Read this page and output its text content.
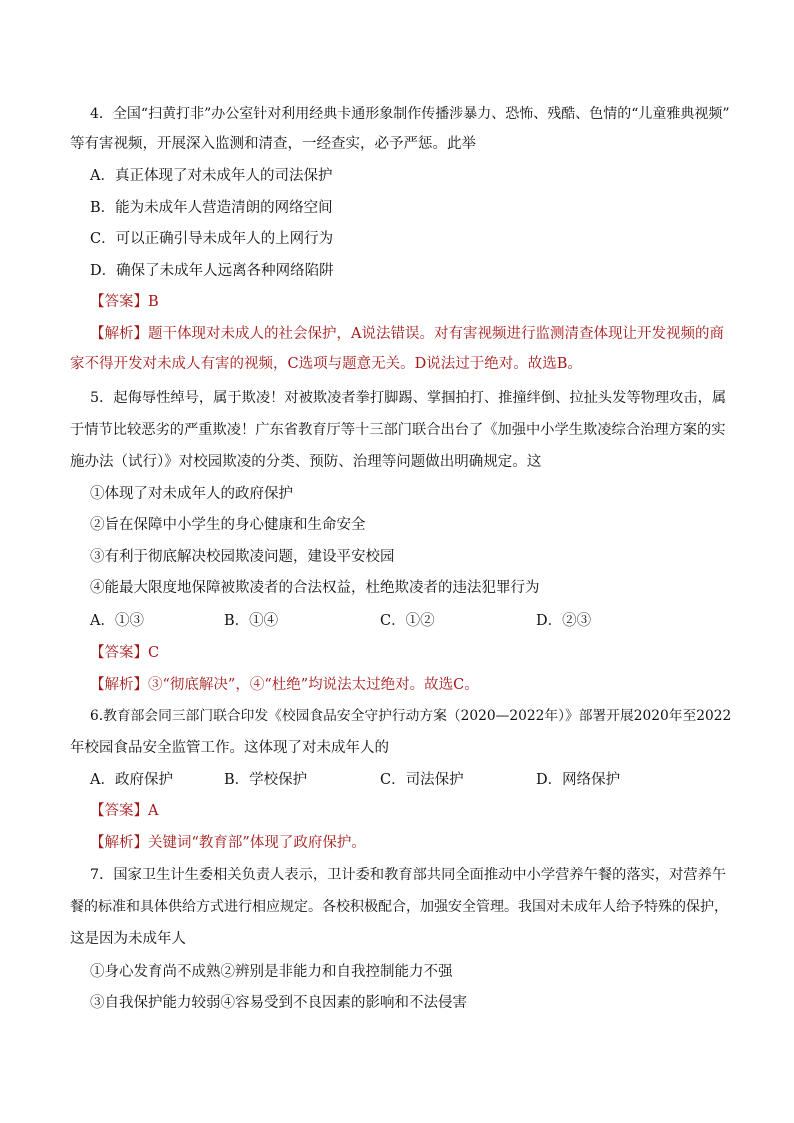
4．全国“扫黄打非”办公室针对利用经典卡通形象制作传播涉暴力、恐怖、残酷、色情的“儿童雅典视频”
等有害视频，开展深入监测和清查，一经查实，必予严惩。此举
A．真正体现了对未成年人的司法保护
B．能为未成年人营造清朗的网络空间
C．可以正确引导未成年人的上网行为
D．确保了未成年人远离各种网络陷阱
【答案】B
【解析】题干体现对未成人的社会保护，A说法错误。对有害视频进行监测清查体现让开发视频的商
家不得开发对未成人有害的视频，C选项与题意无关。D说法过于绝对。故选B。
5．起侮辱性绰号，属于欺凌！对被欺凌者拳打脚踢、掌掴拍打、推撞绊倒、拉扯头发等物理攻击，属
于情节比较恶劣的严重欺凌！广东省教育厅等十三部门联合出台了《加强中小学生欺凌综合治理方案的实
施办法（试行）》对校园欺凌的分类、预防、治理等问题做出明确规定。这
①体现了对未成年人的政府保护
②旨在保障中小学生的身心健康和生命安全
③有利于彻底解决校园欺凌问题，建设平安校园
④能最大限度地保障被欺凌者的合法权益，杜绝欺凌者的违法犯罪行为
A．①③	B．①④	C．①②	D．②③
【答案】C
【解析】③“彻底解决”，④“杜绝”均说法太过绝对。故选C。
6.教育部会同三部门联合印发《校园食品安全守护行动方案（2020—2022年）》部署开展2020年至2022
年校园食品安全监管工作。这体现了对未成年人的
A．政府保护	B．学校保护	C．司法保护	D．网络保护
【答案】A
【解析】关键词“教育部”体现了政府保护。
7．国家卫生计生委相关负责人表示，卫计委和教育部共同全面推动中小学营养午餐的落实，对营养午
餐的标准和具体供给方式进行相应规定。各校积极配合，加强安全管理。我国对未成年人给予特殊的保护，
这是因为未成年人
①身心发育尚不成熟②辨别是非能力和自我控制能力不强
③自我保护能力较弱④容易受到不良因素的影响和不法侵害
